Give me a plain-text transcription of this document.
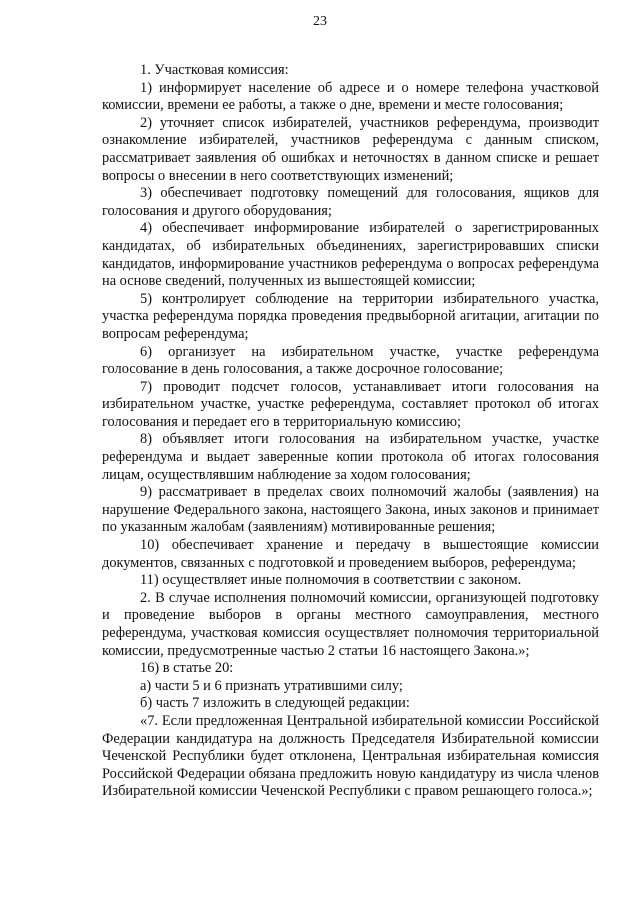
23

1. Участковая комиссия:

1) информирует население об адресе и о номере телефона участковой комиссии, времени ее работы, а также о дне, времени и месте голосования;

2) уточняет список избирателей, участников референдума, производит ознакомление избирателей, участников референдума с данным списком, рассматривает заявления об ошибках и неточностях в данном списке и решает вопросы о внесении в него соответствующих изменений;

3) обеспечивает подготовку помещений для голосования, ящиков для голосования и другого оборудования;

4) обеспечивает информирование избирателей о зарегистрированных кандидатах, об избирательных объединениях, зарегистрировавших списки кандидатов, информирование участников референдума о вопросах референдума на основе сведений, полученных из вышестоящей комиссии;

5) контролирует соблюдение на территории избирательного участка, участка референдума порядка проведения предвыборной агитации, агитации по вопросам референдума;

6) организует на избирательном участке, участке референдума голосование в день голосования, а также досрочное голосование;

7) проводит подсчет голосов, устанавливает итоги голосования на избирательном участке, участке референдума, составляет протокол об итогах голосования и передает его в территориальную комиссию;

8) объявляет итоги голосования на избирательном участке, участке референдума и выдает заверенные копии протокола об итогах голосования лицам, осуществлявшим наблюдение за ходом голосования;

9) рассматривает в пределах своих полномочий жалобы (заявления) на нарушение Федерального закона, настоящего Закона, иных законов и принимает по указанным жалобам (заявлениям) мотивированные решения;

10) обеспечивает хранение и передачу в вышестоящие комиссии документов, связанных с подготовкой и проведением выборов, референдума;

11) осуществляет иные полномочия в соответствии с законом.

2. В случае исполнения полномочий комиссии, организующей подготовку и проведение выборов в органы местного самоуправления, местного референдума, участковая комиссия осуществляет полномочия территориальной комиссии, предусмотренные частью 2 статьи 16 настоящего Закона.»;

16) в статье 20:

а) части 5 и 6 признать утратившими силу;

б) часть 7 изложить в следующей редакции:

«7. Если предложенная Центральной избирательной комиссии Российской Федерации кандидатура на должность Председателя Избирательной комиссии Чеченской Республики будет отклонена, Центральная избирательная комиссия Российской Федерации обязана предложить новую кандидатуру из числа членов Избирательной комиссии Чеченской Республики с правом решающего голоса.»;
